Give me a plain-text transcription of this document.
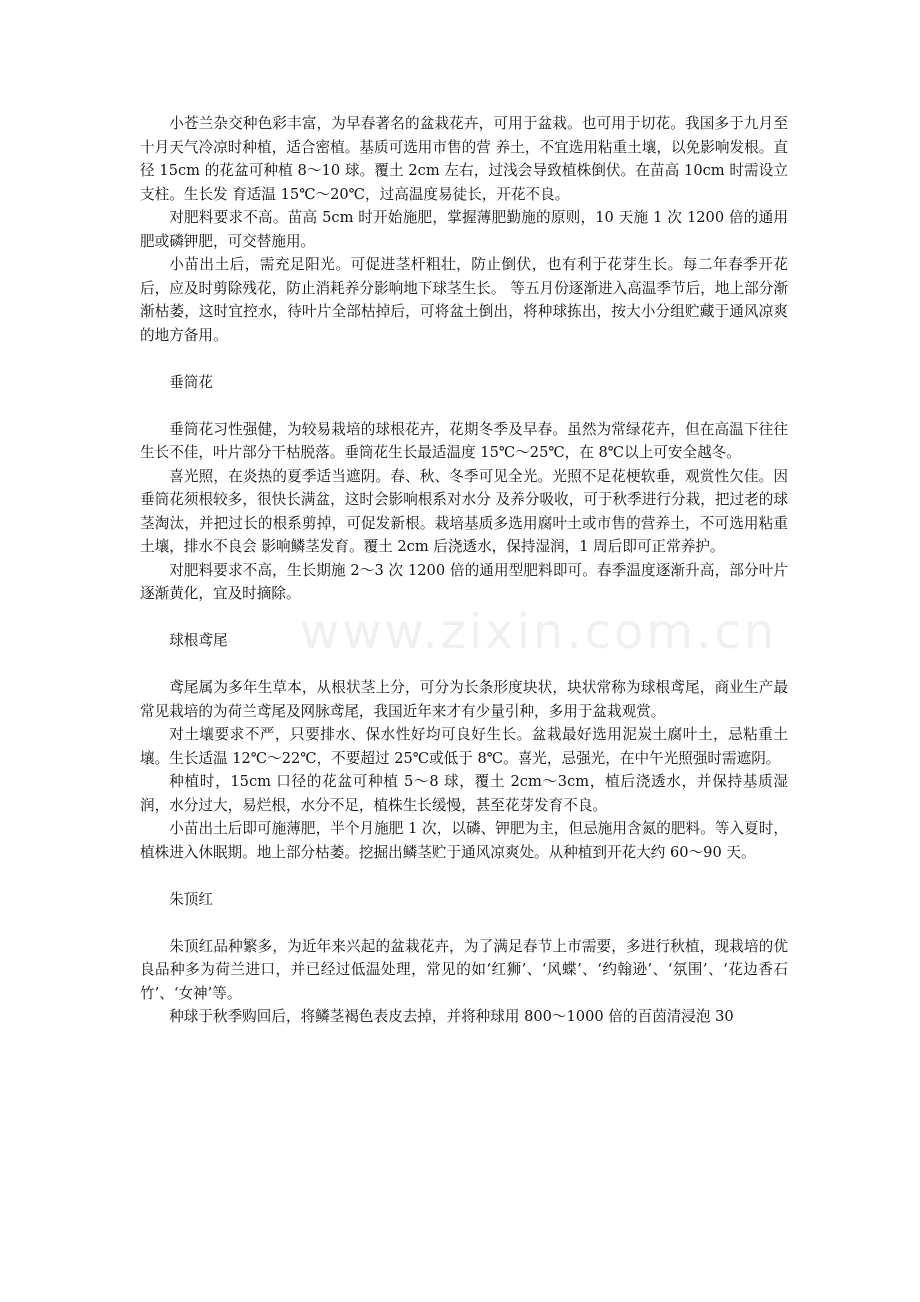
www.zixin.com.cn

小苍兰杂交种色彩丰富，为早春著名的盆栽花卉，可用于盆栽。也可用于切花。我国多于九月至十月天气冷凉时种植，适合密植。基质可选用市售的营 养土，不宜选用粘重土壤，以免影响发根。直径 15cm 的花盆可种植 8～10 球。覆土 2cm 左右，过浅会导致植株倒伏。在苗高 10cm 时需设立支柱。生长发 育适温 15℃～20℃，过高温度易徒长，开花不良。

对肥料要求不高。苗高 5cm 时开始施肥，掌握薄肥勤施的原则，10 天施 1 次 1200 倍的通用肥或磷钾肥，可交替施用。

小苗出土后，需充足阳光。可促进茎杆粗壮，防止倒伏，也有利于花芽生长。每二年春季开花后，应及时剪除残花，防止消耗养分影响地下球茎生长。 等五月份逐渐进入高温季节后，地上部分渐渐枯萎，这时宜控水，待叶片全部枯掉后，可将盆土倒出，将种球拣出，按大小分组贮藏于通风凉爽的地方备用。

垂筒花

垂筒花习性强健，为较易栽培的球根花卉，花期冬季及早春。虽然为常绿花卉，但在高温下往往生长不佳，叶片部分干枯脱落。垂筒花生长最适温度 15℃～25℃，在 8℃以上可安全越冬。

喜光照，在炎热的夏季适当遮阴。春、秋、冬季可见全光。光照不足花梗软垂，观赏性欠佳。因垂筒花须根较多，很快长满盆，这时会影响根系对水分 及养分吸收，可于秋季进行分栽，把过老的球茎淘汰，并把过长的根系剪掉，可促发新根。栽培基质多选用腐叶土或市售的营养土，不可选用粘重土壤，排水不良会 影响鳞茎发育。覆土 2cm 后浇透水，保持湿润，1 周后即可正常养护。

对肥料要求不高，生长期施 2～3 次 1200 倍的通用型肥料即可。春季温度逐渐升高，部分叶片逐渐黄化，宜及时摘除。

球根鸢尾

鸢尾属为多年生草本，从根状茎上分，可分为长条形度块状，块状常称为球根鸢尾，商业生产最常见栽培的为荷兰鸢尾及网脉鸢尾，我国近年来才有少量引种，多用于盆栽观赏。

对土壤要求不严，只要排水、保水性好均可良好生长。盆栽最好选用泥炭土腐叶土，忌粘重土壤。生长适温 12℃～22℃，不要超过 25℃或低于 8℃。喜光，忌强光，在中午光照强时需遮阴。

种植时，15cm 口径的花盆可种植 5～8 球，覆土 2cm～3cm，植后浇透水，并保持基质湿润，水分过大，易烂根，水分不足，植株生长缓慢，甚至花芽发育不良。

小苗出土后即可施薄肥，半个月施肥 1 次，以磷、钾肥为主，但忌施用含氮的肥料。等入夏时，植株进入休眠期。地上部分枯萎。挖掘出鳞茎贮于通风凉爽处。从种植到开花大约 60～90 天。

朱顶红

朱顶红品种繁多，为近年来兴起的盆栽花卉，为了满足春节上市需要，多进行秋植，现栽培的优良品种多为荷兰进口，并已经过低温处理，常见的如‘红狮’、‘风蝶’、‘约翰逊’、‘氛围’、‘花边香石竹’、‘女神’等。

种球于秋季购回后，将鳞茎褐色表皮去掉，并将种球用 800～1000 倍的百茵清浸泡 30
